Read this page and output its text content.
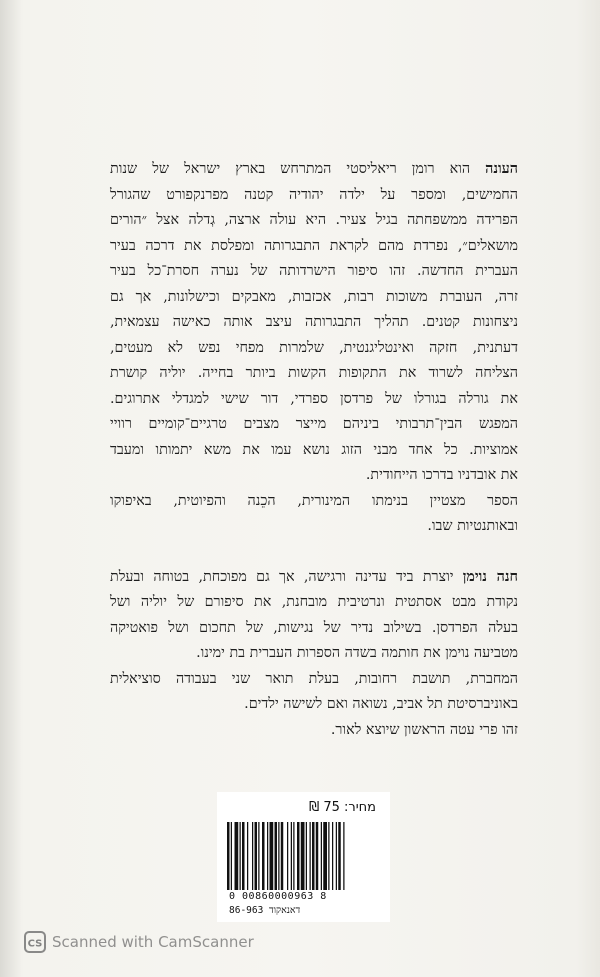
העונה הוא רומן ריאליסטי המתרחש בארץ ישראל של שנות
החמישים, ומספר על ילדה יהודיה קטנה מפרנקפורט שהגורל
הפרידה ממשפחתה בגיל צעיר. היא עולה ארצה, גְדלה אצל ״הורים
מושאלים״, נפרדת מהם לקראת התבגרותה ומפלסת את דרכה בעיר
העברית החדשה. זהו סיפור הישרדותה של נערה חסרת־כל בעיר
זרה, העוברת משוכות רבות, אכזבות, מאבקים וכישלונות, אך גם
ניצחונות קטנים. תהליך התבגרותה עיצב אותה כאישה עצמאית,
דעתנית, חזקה ואינטליגנטית, שלמרות מפחי נפש לא מעטים,
הצליחה לשרוד את התקופות הקשות ביותר בחייה. יוליה קושרת
את גורלה בגורלו של פרדסן ספרדי, דור שישי למגדלי אתרוגים.
המפגש הבין־תרבותי ביניהם מייצר מצבים טרגיים־קומיים רוויי
אמוציות. כל אחד מבני הזוג נושא עמו את משא יתמותו ומעבד
את אובדניו בדרכו הייחודית.
הספר מצטיין בנימתו המינורית, הכֵנה והפיוטית, באיפוקו
ובאותנטיות שבו.
חנה נוימן יוצרת ביד עדינה ורגישה, אך גם מפוכחת, בטוחה ובעלת
נקודת מבט אסתטית ונרטיבית מובחנת, את סיפורם של יוליה ושל
בעלה הפרדסן. בשילוב נדיר של נגישות, של תחכום ושל פואטיקה
מטביעה נוימן את חותמה בשדה הספרות העברית בת ימינו.
המחברת, תושבת רחובות, בעלת תואר שני בעבודה סוציאלית
באוניברסיטת תל אביב, נשואה ואם לשישה ילדים.
זהו פרי עטה הראשון שיוצא לאור.
מחיר: 75 ₪
0 00860000963 8
86-963 דאנאקוד
CS Scanned with CamScanner
